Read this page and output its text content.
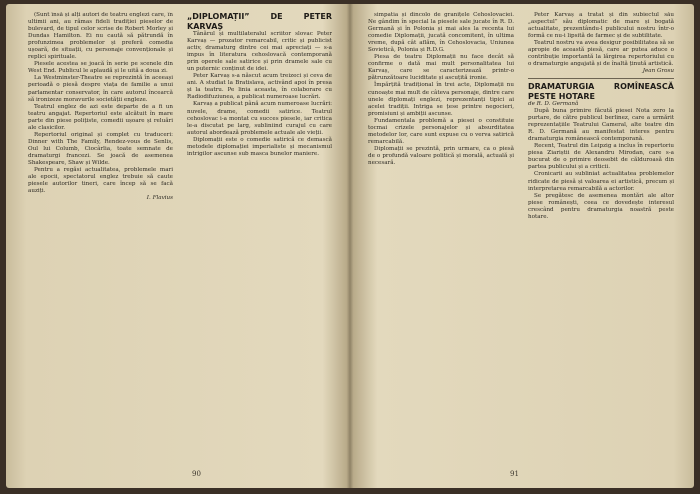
(Sunt însă și alți autori de teatru englezi care, în ultimii ani, au rămas fideli tradiției pieselor de bulevard, de tipul celor scrise de Robert Morley și Dundas Hamilton. Ei nu caută să pătrundă în profunzimea problemelor și preferă comedia ușoară, de situații, cu personaje convenționale și replici spirituale.

Piesele acestea se joacă în serie pe scenele din West End. Publicul le aplaudă și le uită a doua zi.

La Westminster-Theatre se reprezintă în aceeași perioadă o piesă despre viața de familie a unui parlamentar conservator, în care autorul încearcă să ironizeze moravurile societății engleze.

Teatrul englez de azi este departe de a fi un teatru angajat. Repertoriul este alcătuit în mare parte din piese polițiste, comedii ușoare și reluări ale clasicilor.

Repertoriul original și complet cu traduceri: Dinner with The Family, Rendez-vous de Senlis, Oul lui Columb, Ciocârlia, toate semnate de dramaturgi francezi. Se joacă de asemenea Shakespeare, Shaw și Wilde.

Pentru a regăsi actualitatea, problemele mari ale epocii, spectatorul englez trebuie să caute piesele autorilor tineri, care încep să se facă auziți.

I. Flavius

„DIPLOMAȚII” DE PETER KARVAȘ

Tânărul și multilateralul scriitor slovac Peter Karvaș — prozator remarcabil, critic și publicist activ, dramaturg dintre cei mai apreciați — s-a impus în literatura cehoslovacă contemporană prin operele sale satirice și prin dramele sale cu un puternic conținut de idei.

Peter Karvaș s-a născut acum treizeci și ceva de ani. A studiat la Bratislava, activând apoi în presa și la teatru. Pe linia aceasta, în colaborare cu Radiodifuziunea, a publicat numeroase lucrări.

Karvaș a publicat până acum numeroase lucrări: nuvele, drame, comedii satirice. Teatrul cehoslovac i-a montat cu succes piesele, iar critica le-a discutat pe larg, subliniind curajul cu care autorul abordează problemele actuale ale vieții.

Diplomații este o comedie satirică ce demască metodele diplomației imperialiste și mecanismul intrigilor ascunse sub masca bunelor maniere.

90

simpatia și dincolo de granițele Cehoslovaciei. Ne gândim în special la piesele sale jucate în R. D. Germană și în Polonia și mai ales la recenta lui comedie Diplomații, jucată concomitent, în ultima vreme, după cât aflăm, în Cehoslovacia, Uniunea Sovietică, Polonia și R.D.G.

Piesa de teatru Diplomații nu face decât să confirme o dată mai mult personalitatea lui Karvaș, care se caracterizează printr-o pătrunzătoare luciditate și ascuțită ironie.

Împărțită tradițional în trei acte, Diplomații nu cunoaște mai mult de câteva personaje, dintre care unele diplomați englezi, reprezentanți tipici ai acelei tradiții. Intriga se țese printre negocieri, promisiuni și ambiții ascunse.

Fundamentala problemă a piesei o constituie tocmai crizele personajelor și absurditatea metodelor lor, care sunt expuse cu o verva satirică remarcabilă.

Diplomații se prezintă, prin urmare, ca o piesă de o profundă valoare politică și morală, actuală și necesară.

Peter Karvaș a tratat și din subiectul său „aspectul” său diplomatic de mare și bogată actualitate, prezentându-l publicului nostru într-o formă ce nu-i lipsită de farmec și de subtilitate.

Teatrul nostru va avea desigur posibilitatea să se apropie de această piesă, care ar putea aduce o contribuție importantă la lărgirea repertoriului cu o dramaturgie angajată și de înaltă ținută artistică.

Jean Grosu

DRAMATURGIA ROMÎNEASCĂ PESTE HOTARE

de R. D. Germană

După buna primire făcută piesei Nota zero la purtare, de către publicul berlinez, care a urmărit reprezentațiile Teatrului Cameral, alte teatre din R. D. Germană au manifestat interes pentru dramaturgia românească contemporană.

Recent, Teatrul din Leipzig a inclus în repertoriu piesa Ziariștii de Alexandru Mirodan, care s-a bucurat de o primire deosebit de călduroasă din partea publicului și a criticii.

Cronicarii au subliniat actualitatea problemelor ridicate de piesă și valoarea ei artistică, precum și interpretarea remarcabilă a actorilor.

Se pregătesc de asemenea montări ale altor piese românești, ceea ce dovedește interesul crescând pentru dramaturgia noastră peste hotare.

91
